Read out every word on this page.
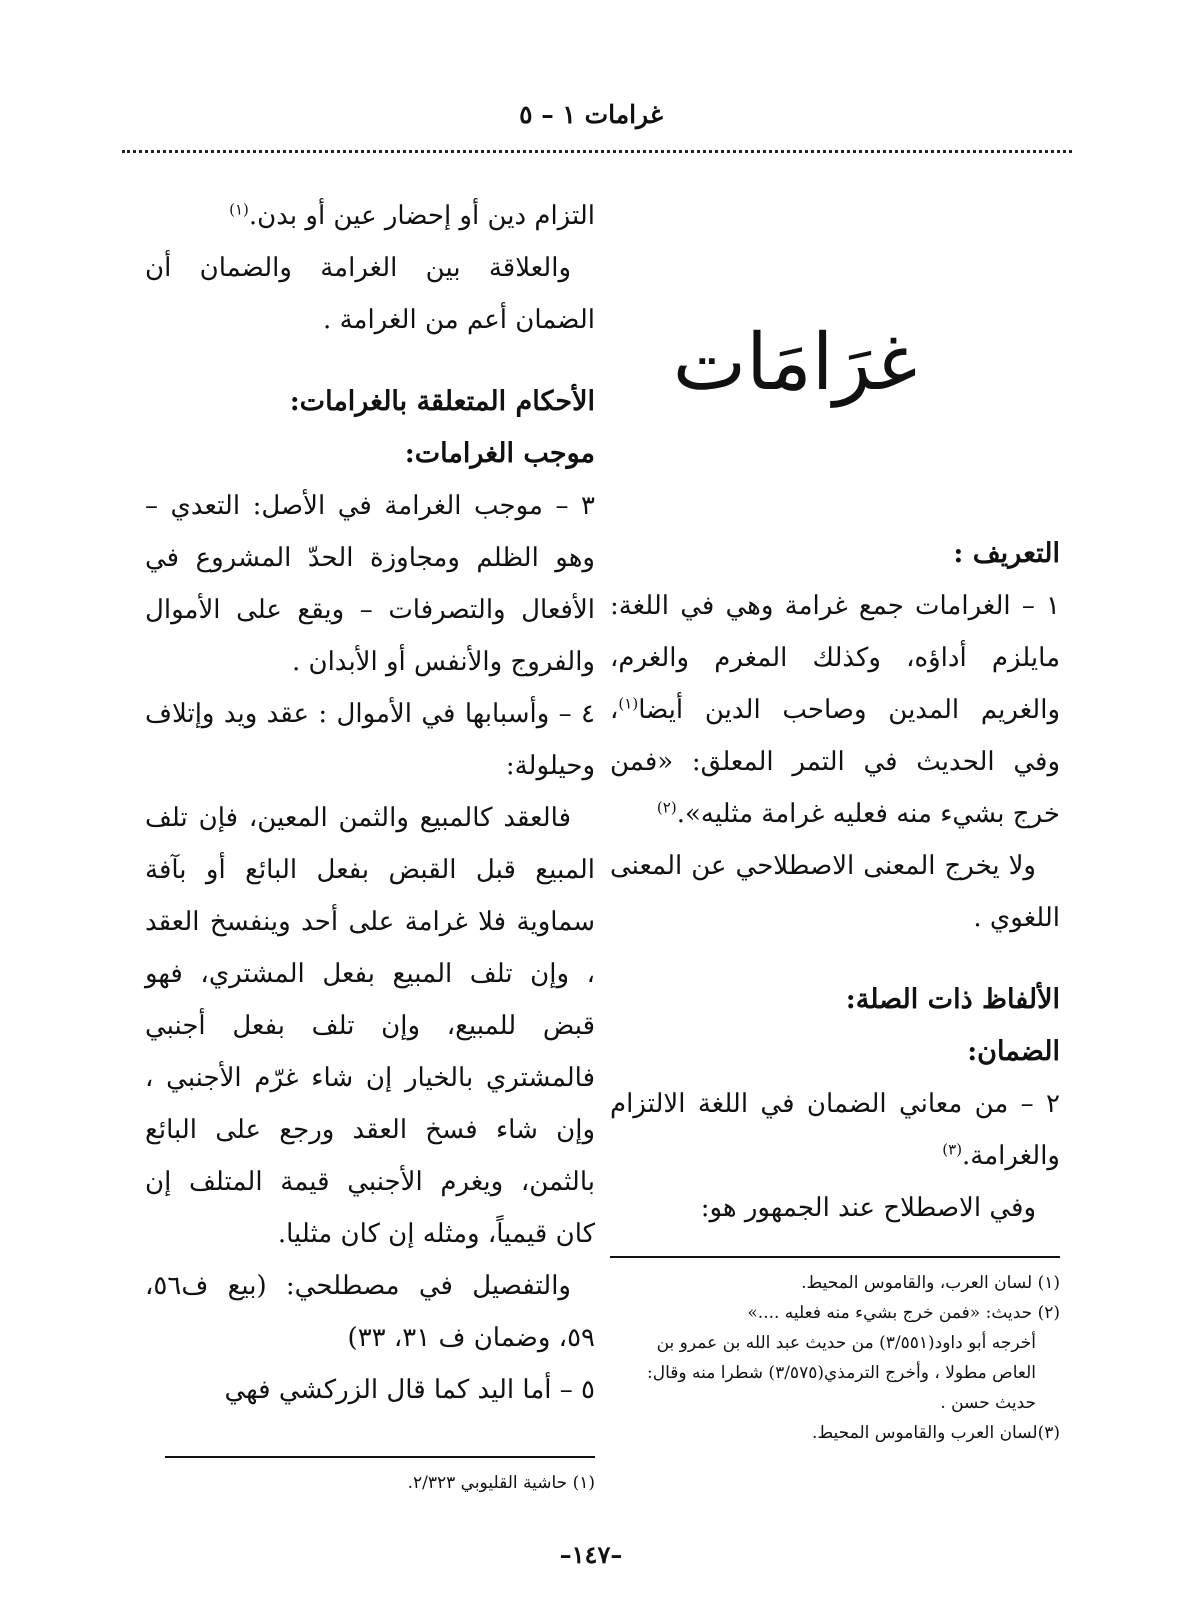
غرامات ١ – ٥
غرَامَات
التعريف :

١ – الغرامات جمع غرامة وهي في اللغة: مايلزم أداؤه، وكذلك المغرم والغرم، والغريم المدين وصاحب الدين أيضا$^{(١)}$، وفي الحديث في التمر المعلق: «فمن خرج بشيء منه فعليه غرامة مثليه».$^{(٢)}$

ولا يخرج المعنى الاصطلاحي عن المعنى اللغوي .

الألفاظ ذات الصلة:
الضمان:

٢ – من معاني الضمان في اللغة الالتزام والغرامة.$^{(٣)}$

وفي الاصطلاح عند الجمهور هو:

(١) لسان العرب، والقاموس المحيط.

(٢) حديث: «فمن خرج بشيء منه فعليه ....»

أخرجه أبو داود(٣/٥٥١) من حديث عبد الله بن عمرو بن العاص مطولا ، وأخرج الترمذي(٣/٥٧٥) شطرا منه وقال: حديث حسن .

(٣)لسان العرب والقاموس المحيط.

التزام دين أو إحضار عين أو بدن.$^{(١)}$

والعلاقة بين الغرامة والضمان أن الضمان أعم من الغرامة .

الأحكام المتعلقة بالغرامات:
موجب الغرامات:

٣ – موجب الغرامة في الأصل: التعدي – وهو الظلم ومجاوزة الحدّ المشروع في الأفعال والتصرفات – ويقع على الأموال والفروج والأنفس أو الأبدان .

٤ – وأسبابها في الأموال : عقد ويد وإتلاف وحيلولة:

فالعقد كالمبيع والثمن المعين، فإن تلف المبيع قبل القبض بفعل البائع أو بآفة سماوية فلا غرامة على أحد وينفسخ العقد ، وإن تلف المبيع بفعل المشتري، فهو قبض للمبيع، وإن تلف بفعل أجنبي فالمشتري بالخيار إن شاء غرّم الأجنبي ، وإن شاء فسخ العقد ورجع على البائع بالثمن، ويغرم الأجنبي قيمة المتلف إن كان قيمياً، ومثله إن كان مثليا.

والتفصيل في مصطلحي: (بيع ف٥٦، ٥٩، وضمان ف ٣١، ٣٣)

٥ – أما اليد كما قال الزركشي فهي

(١) حاشية القليوبي ٢/٣٢٣.

–١٤٧–
